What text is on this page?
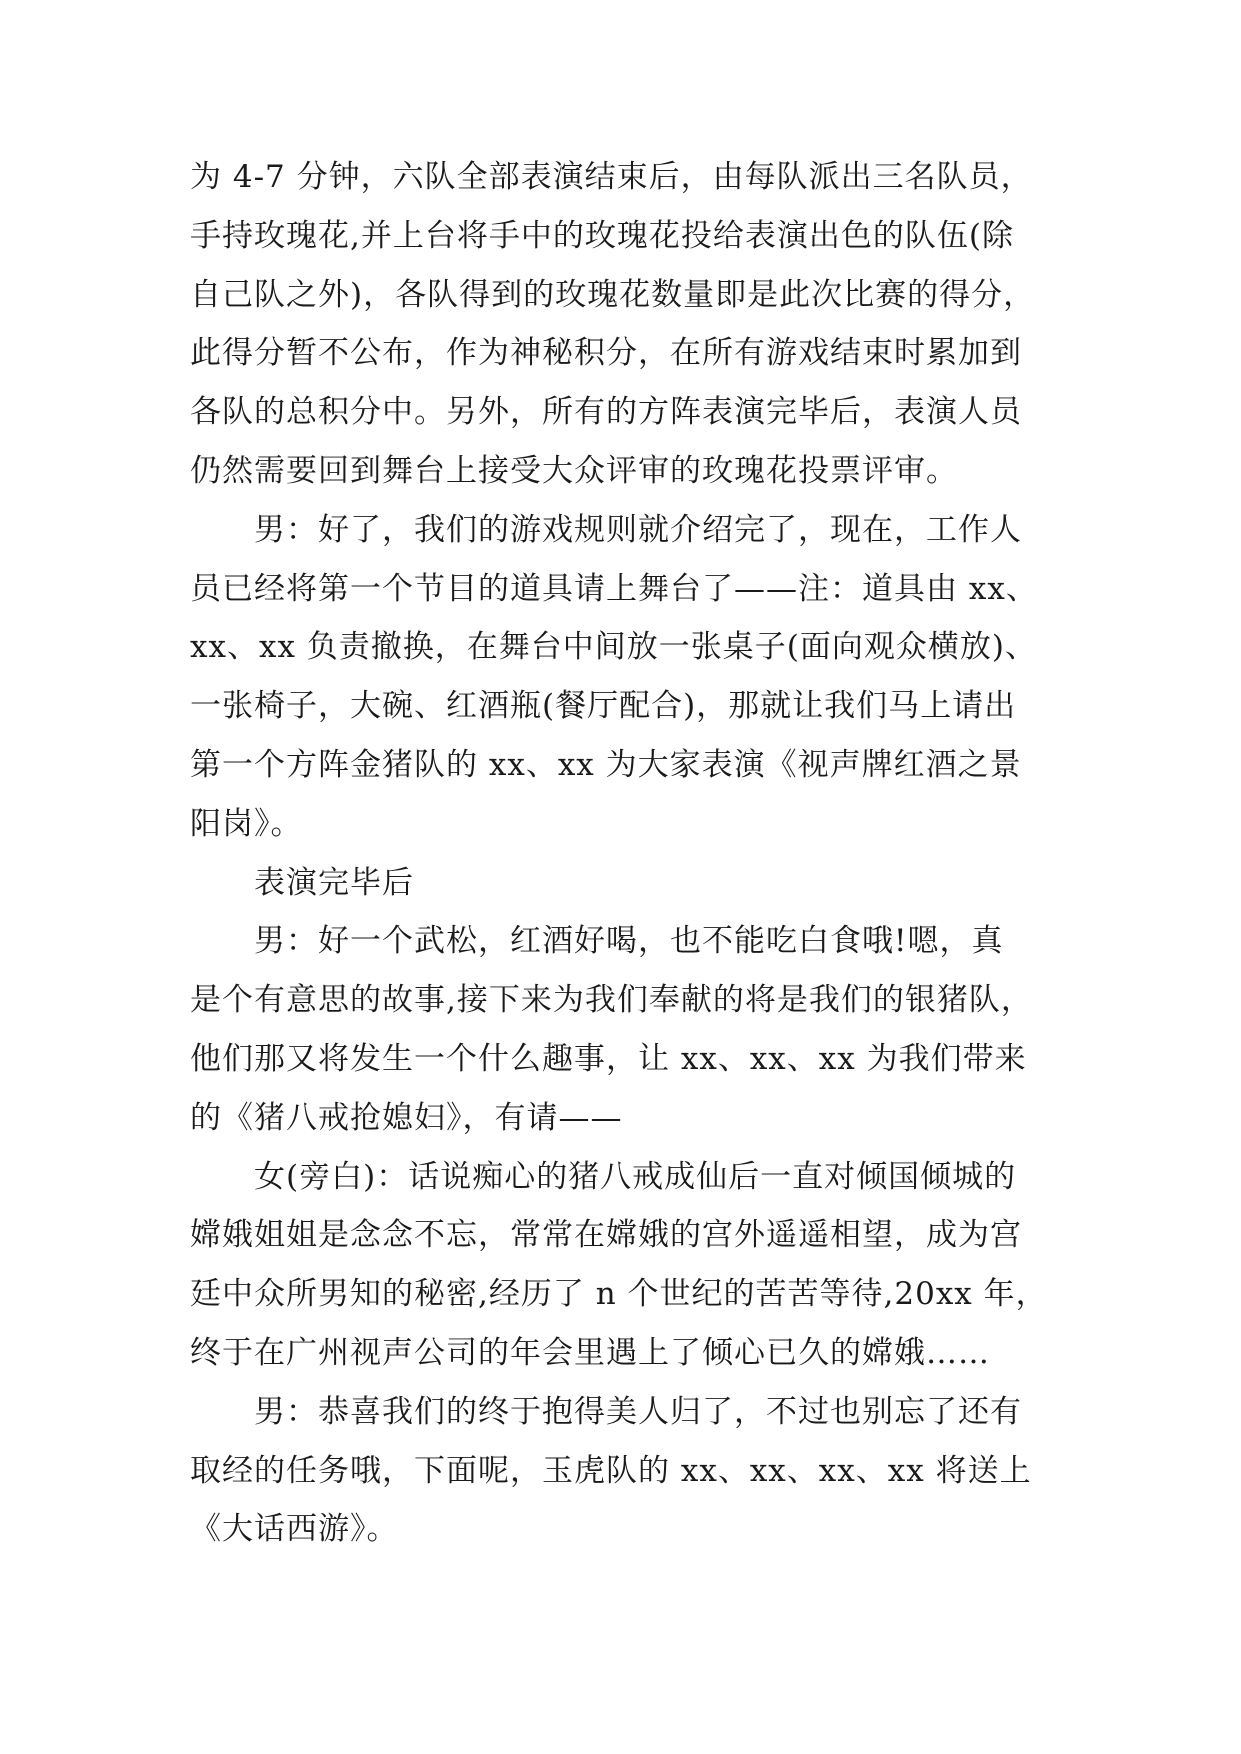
为 4-7 分钟，六队全部表演结束后，由每队派出三名队员，
手持玫瑰花,并上台将手中的玫瑰花投给表演出色的队伍(除
自己队之外)，各队得到的玫瑰花数量即是此次比赛的得分，
此得分暂不公布，作为神秘积分，在所有游戏结束时累加到
各队的总积分中。另外，所有的方阵表演完毕后，表演人员
仍然需要回到舞台上接受大众评审的玫瑰花投票评审。
男：好了，我们的游戏规则就介绍完了，现在，工作人
员已经将第一个节目的道具请上舞台了——注：道具由 xx、
xx、xx 负责撤换，在舞台中间放一张桌子(面向观众横放)、
一张椅子，大碗、红酒瓶(餐厅配合)，那就让我们马上请出
第一个方阵金猪队的 xx、xx 为大家表演《视声牌红酒之景
阳岗》。
表演完毕后
男：好一个武松，红酒好喝，也不能吃白食哦!嗯，真
是个有意思的故事,接下来为我们奉献的将是我们的银猪队，
他们那又将发生一个什么趣事，让 xx、xx、xx 为我们带来
的《猪八戒抢媳妇》，有请——
女(旁白)：话说痴心的猪八戒成仙后一直对倾国倾城的
嫦娥姐姐是念念不忘，常常在嫦娥的宫外遥遥相望，成为宫
廷中众所男知的秘密,经历了 n 个世纪的苦苦等待,20xx 年，
终于在广州视声公司的年会里遇上了倾心已久的嫦娥……
男：恭喜我们的终于抱得美人归了，不过也别忘了还有
取经的任务哦，下面呢，玉虎队的 xx、xx、xx、xx 将送上
《大话西游》。
